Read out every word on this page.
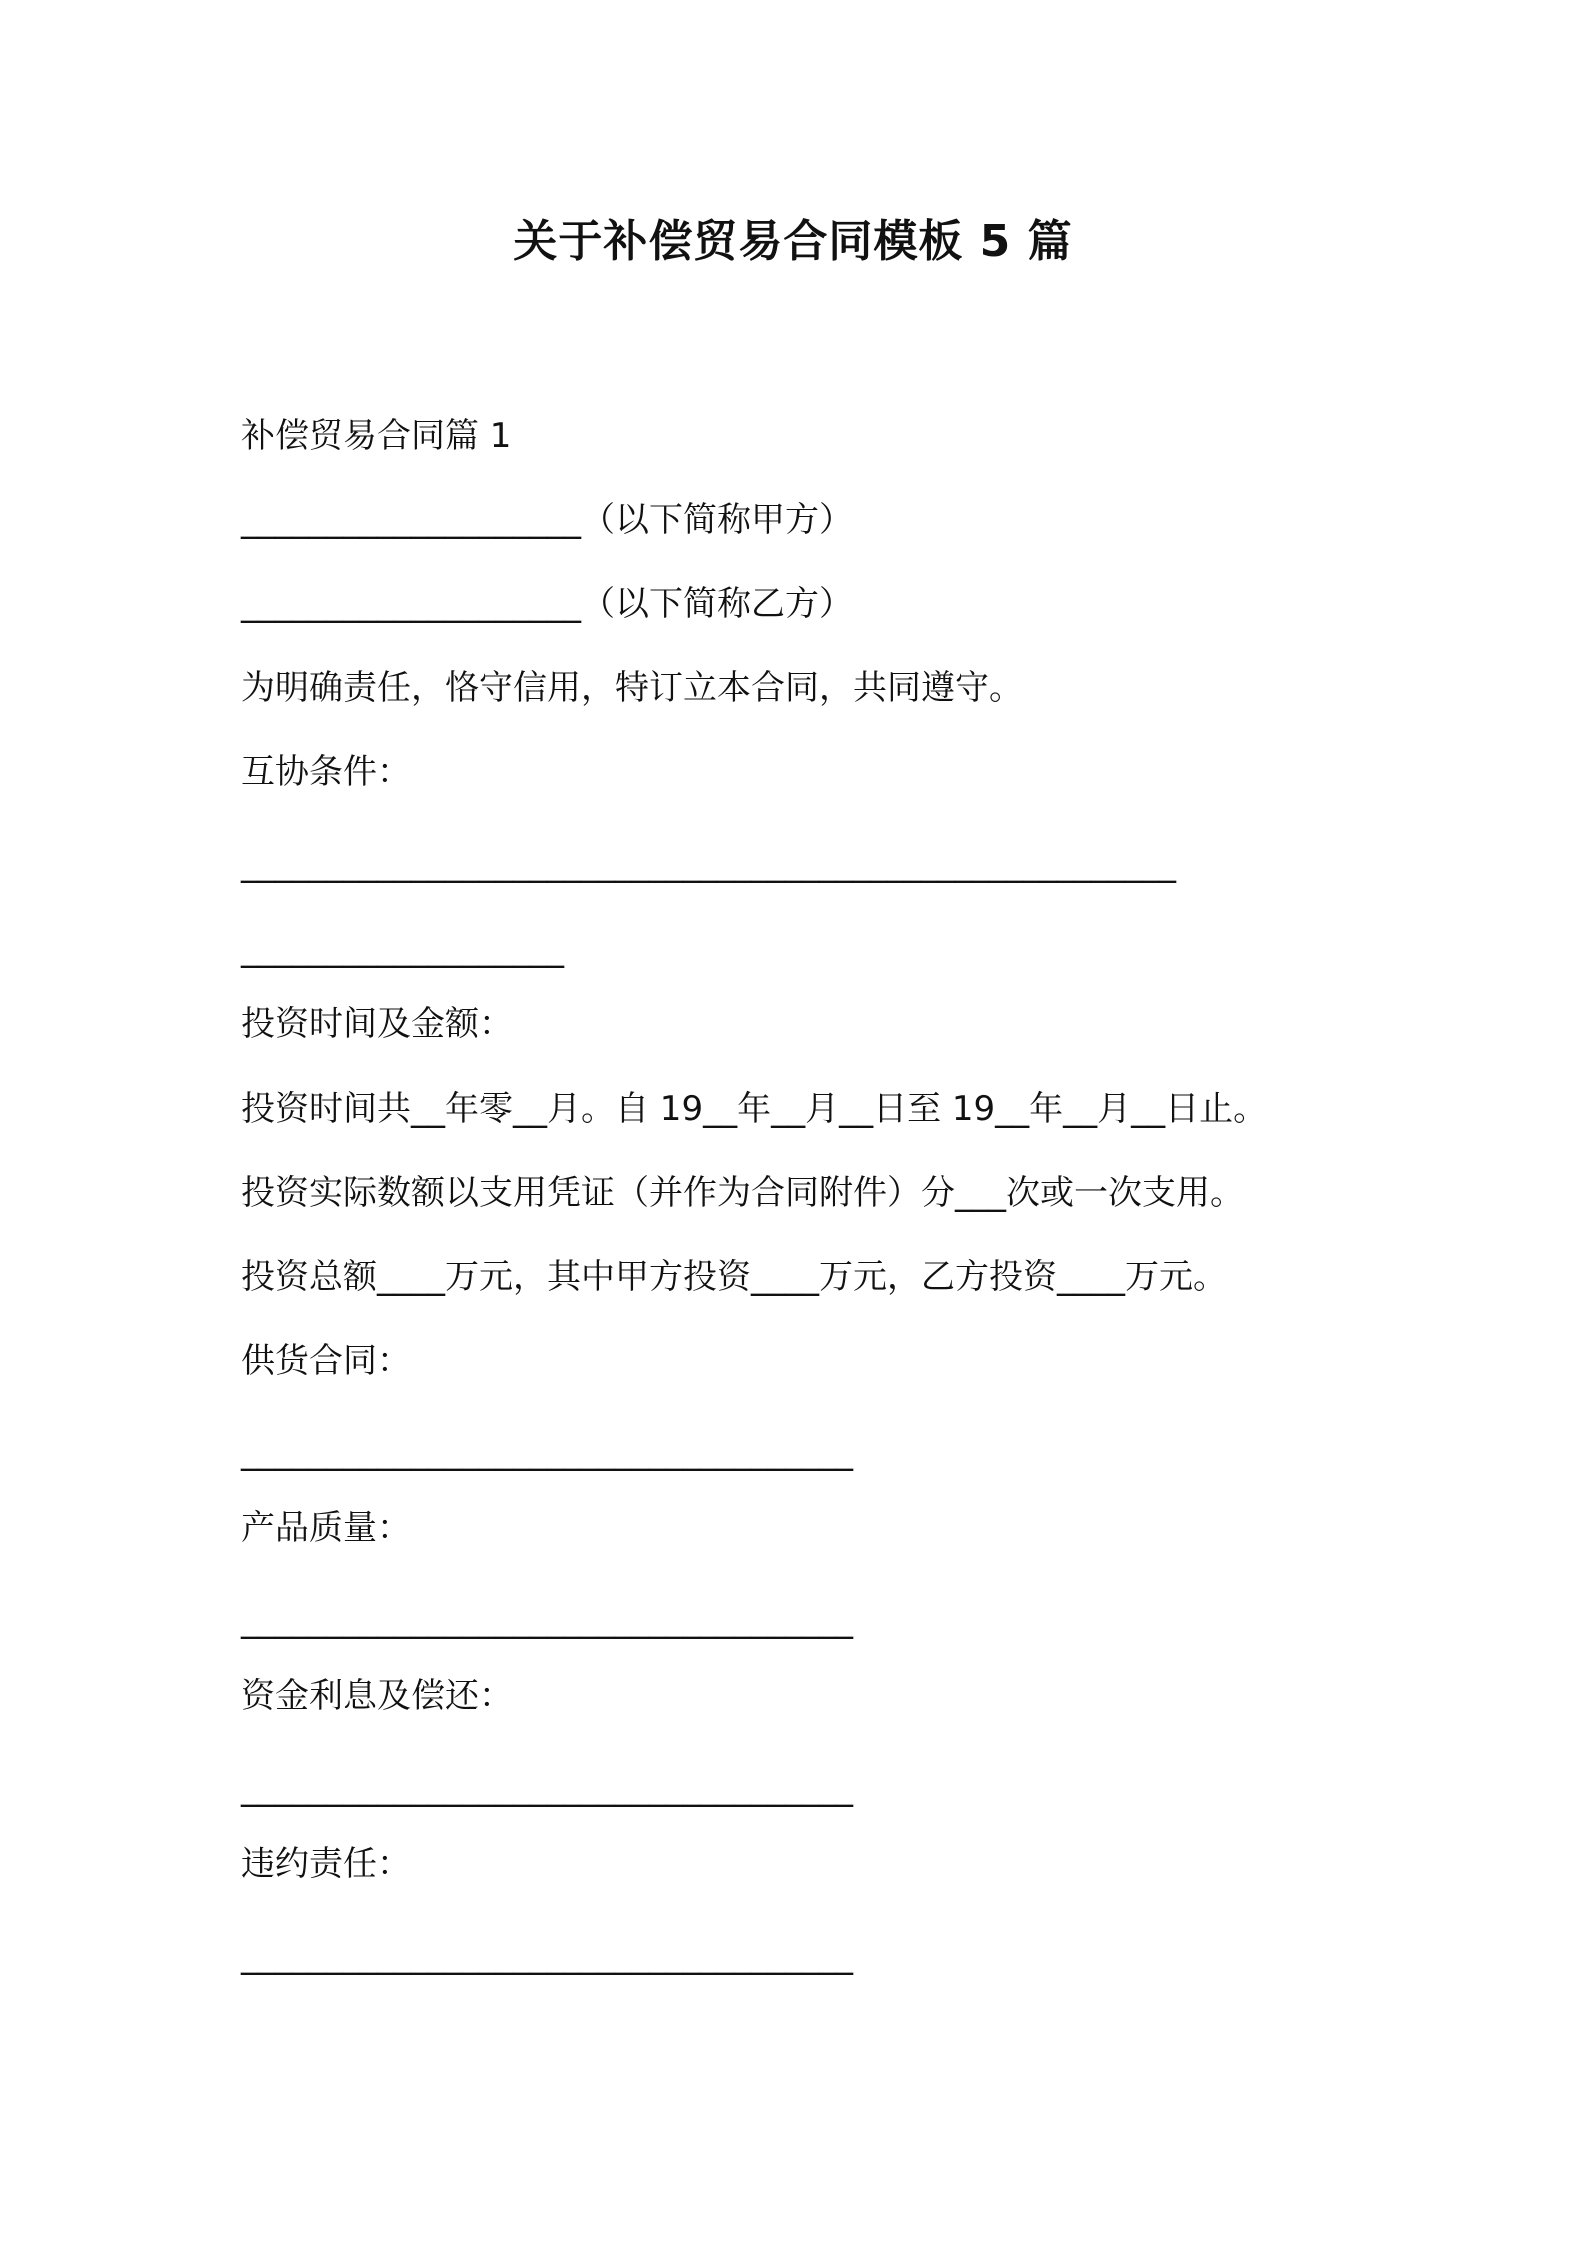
关于补偿贸易合同模板 5 篇

补偿贸易合同篇 1

____________________（以下简称甲方）

____________________（以下简称乙方）

为明确责任，恪守信用，特订立本合同，共同遵守。

互协条件：

_______________________________________________________

___________________

投资时间及金额：

投资时间共__年零__月。自 19__年__月__日至 19__年__月__日止。

投资实际数额以支用凭证（并作为合同附件）分___次或一次支用。

投资总额____万元，其中甲方投资____万元，乙方投资____万元。

供货合同：

____________________________________

产品质量：

____________________________________

资金利息及偿还：

____________________________________

违约责任：

____________________________________
